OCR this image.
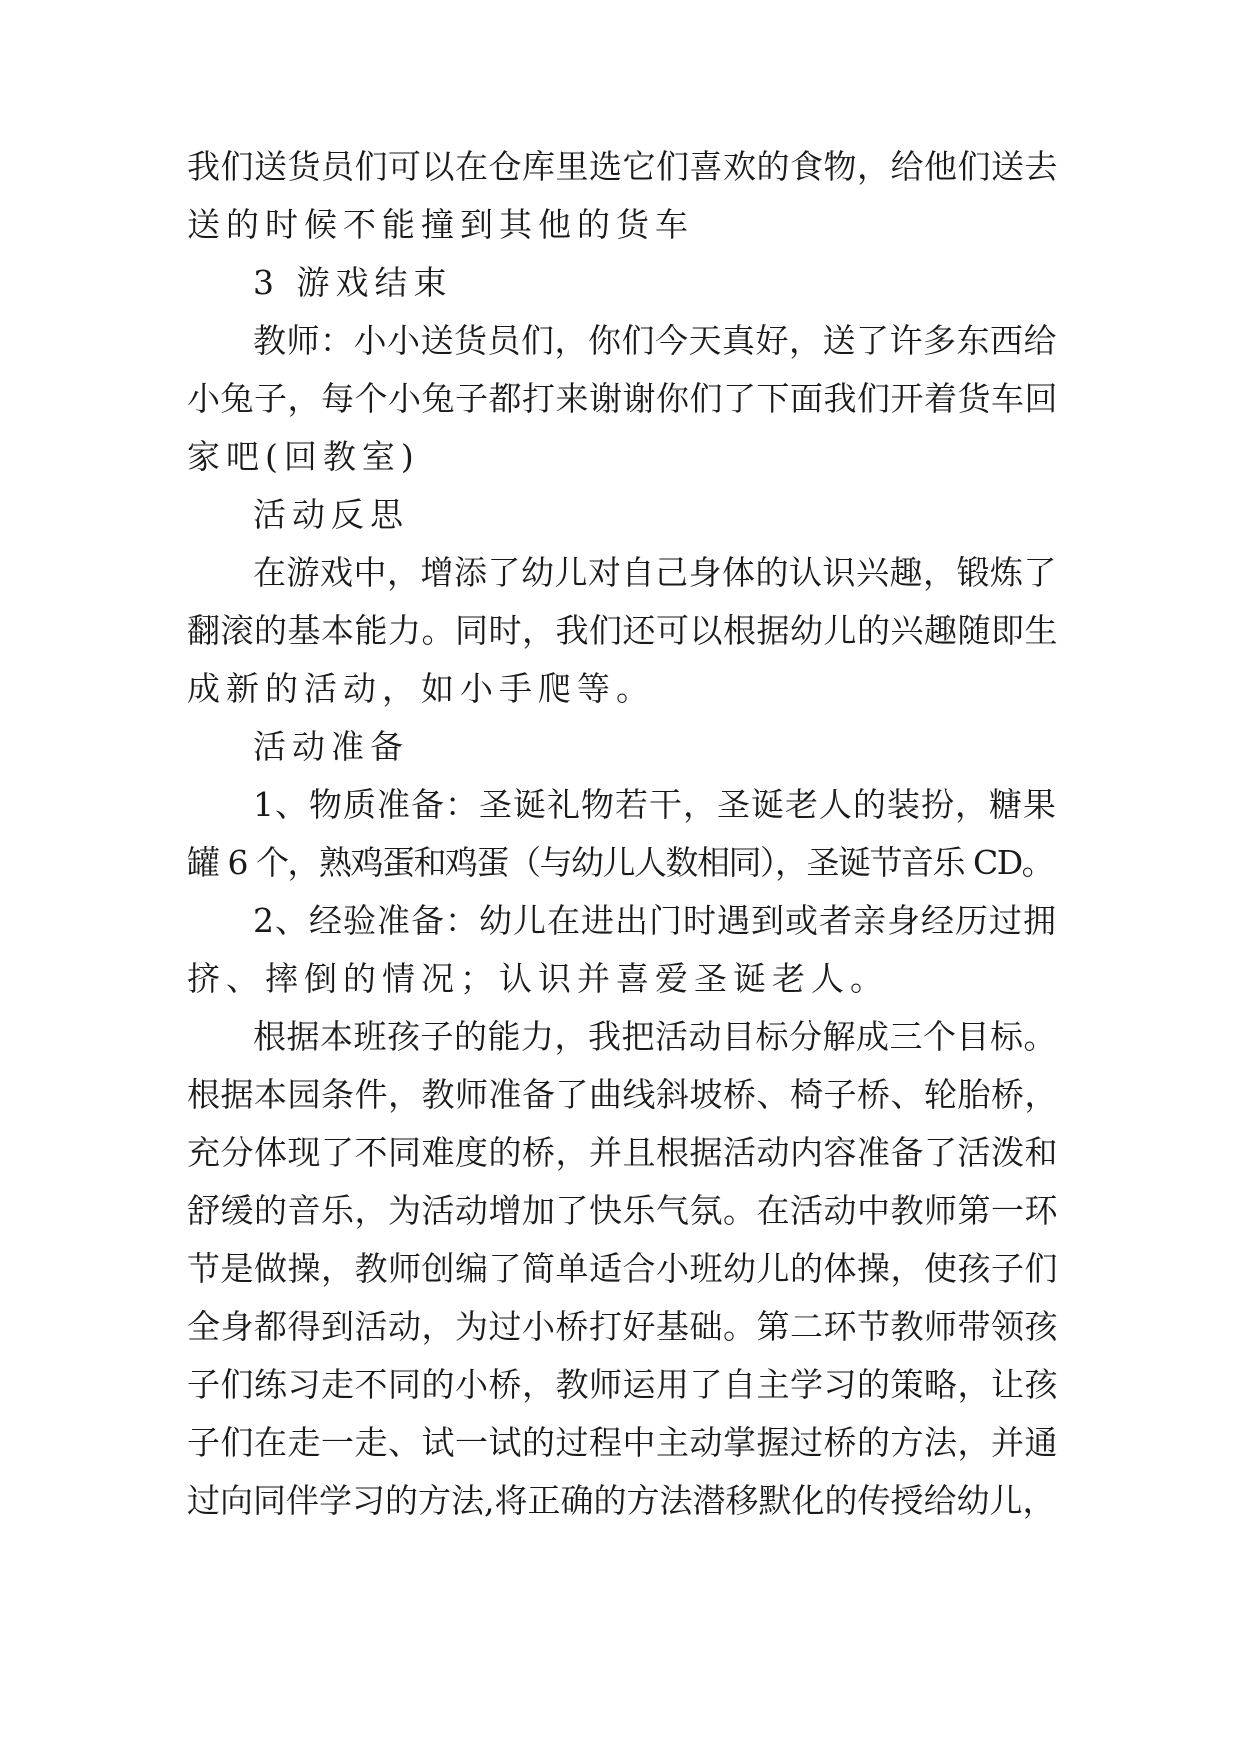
我们送货员们可以在仓库里选它们喜欢的食物，给他们送去
送的时候不能撞到其他的货车
3 游戏结束
教师：小小送货员们，你们今天真好，送了许多东西给
小兔子，每个小兔子都打来谢谢你们了下面我们开着货车回
家吧(回教室)
活动反思
在游戏中，增添了幼儿对自己身体的认识兴趣，锻炼了
翻滚的基本能力。同时，我们还可以根据幼儿的兴趣随即生
成新的活动，如小手爬等。
活动准备
1、物质准备：圣诞礼物若干，圣诞老人的装扮，糖果
罐 6 个，熟鸡蛋和鸡蛋（与幼儿人数相同），圣诞节音乐 CD。
2、经验准备：幼儿在进出门时遇到或者亲身经历过拥
挤、摔倒的情况；认识并喜爱圣诞老人。
根据本班孩子的能力，我把活动目标分解成三个目标。
根据本园条件，教师准备了曲线斜坡桥、椅子桥、轮胎桥，
充分体现了不同难度的桥，并且根据活动内容准备了活泼和
舒缓的音乐，为活动增加了快乐气氛。在活动中教师第一环
节是做操，教师创编了简单适合小班幼儿的体操，使孩子们
全身都得到活动，为过小桥打好基础。第二环节教师带领孩
子们练习走不同的小桥，教师运用了自主学习的策略，让孩
子们在走一走、试一试的过程中主动掌握过桥的方法，并通
过向同伴学习的方法,将正确的方法潜移默化的传授给幼儿，
